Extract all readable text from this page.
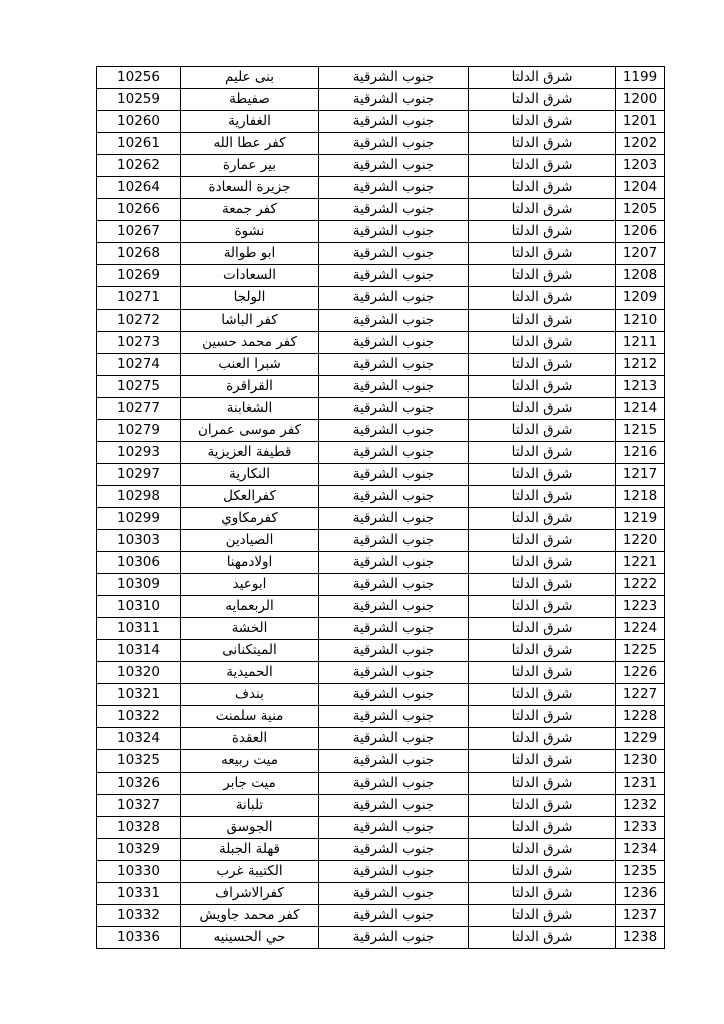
10256	بنى عليم	جنوب الشرقية	شرق الدلتا	1199
10259	صفيطة	جنوب الشرقية	شرق الدلتا	1200
10260	الغفارية	جنوب الشرقية	شرق الدلتا	1201
10261	كفر عطا الله	جنوب الشرقية	شرق الدلتا	1202
10262	بير عمارة	جنوب الشرقية	شرق الدلتا	1203
10264	جزيرة السعادة	جنوب الشرقية	شرق الدلتا	1204
10266	كفر جمعة	جنوب الشرقية	شرق الدلتا	1205
10267	نشوة	جنوب الشرقية	شرق الدلتا	1206
10268	ابو طوالة	جنوب الشرقية	شرق الدلتا	1207
10269	السعادات	جنوب الشرقية	شرق الدلتا	1208
10271	الولجا	جنوب الشرقية	شرق الدلتا	1209
10272	كفر الباشا	جنوب الشرقية	شرق الدلتا	1210
10273	كفر محمد حسين	جنوب الشرقية	شرق الدلتا	1211
10274	شبرا العنب	جنوب الشرقية	شرق الدلتا	1212
10275	القراقرة	جنوب الشرقية	شرق الدلتا	1213
10277	الشغابنة	جنوب الشرقية	شرق الدلتا	1214
10279	كفر موسى عمران	جنوب الشرقية	شرق الدلتا	1215
10293	قطيفة العزيزية	جنوب الشرقية	شرق الدلتا	1216
10297	النكارية	جنوب الشرقية	شرق الدلتا	1217
10298	كفرالعكل	جنوب الشرقية	شرق الدلتا	1218
10299	كفرمكاوي	جنوب الشرقية	شرق الدلتا	1219
10303	الصيادين	جنوب الشرقية	شرق الدلتا	1220
10306	اولادمهنا	جنوب الشرقية	شرق الدلتا	1221
10309	ابوعيد	جنوب الشرقية	شرق الدلتا	1222
10310	الربعمايه	جنوب الشرقية	شرق الدلتا	1223
10311	الخشة	جنوب الشرقية	شرق الدلتا	1224
10314	الميتكنانى	جنوب الشرقية	شرق الدلتا	1225
10320	الحميدية	جنوب الشرقية	شرق الدلتا	1226
10321	بندف	جنوب الشرقية	شرق الدلتا	1227
10322	منية سلمنت	جنوب الشرقية	شرق الدلتا	1228
10324	العقدة	جنوب الشرقية	شرق الدلتا	1229
10325	ميت ربيعه	جنوب الشرقية	شرق الدلتا	1230
10326	ميت جابر	جنوب الشرقية	شرق الدلتا	1231
10327	تلبانة	جنوب الشرقية	شرق الدلتا	1232
10328	الجوسق	جنوب الشرقية	شرق الدلتا	1233
10329	قهلة الجبلة	جنوب الشرقية	شرق الدلتا	1234
10330	الكتيبة غرب	جنوب الشرقية	شرق الدلتا	1235
10331	كفرالاشراف	جنوب الشرقية	شرق الدلتا	1236
10332	كفر محمد جاويش	جنوب الشرقية	شرق الدلتا	1237
10336	حي الحسينيه	جنوب الشرقية	شرق الدلتا	1238
